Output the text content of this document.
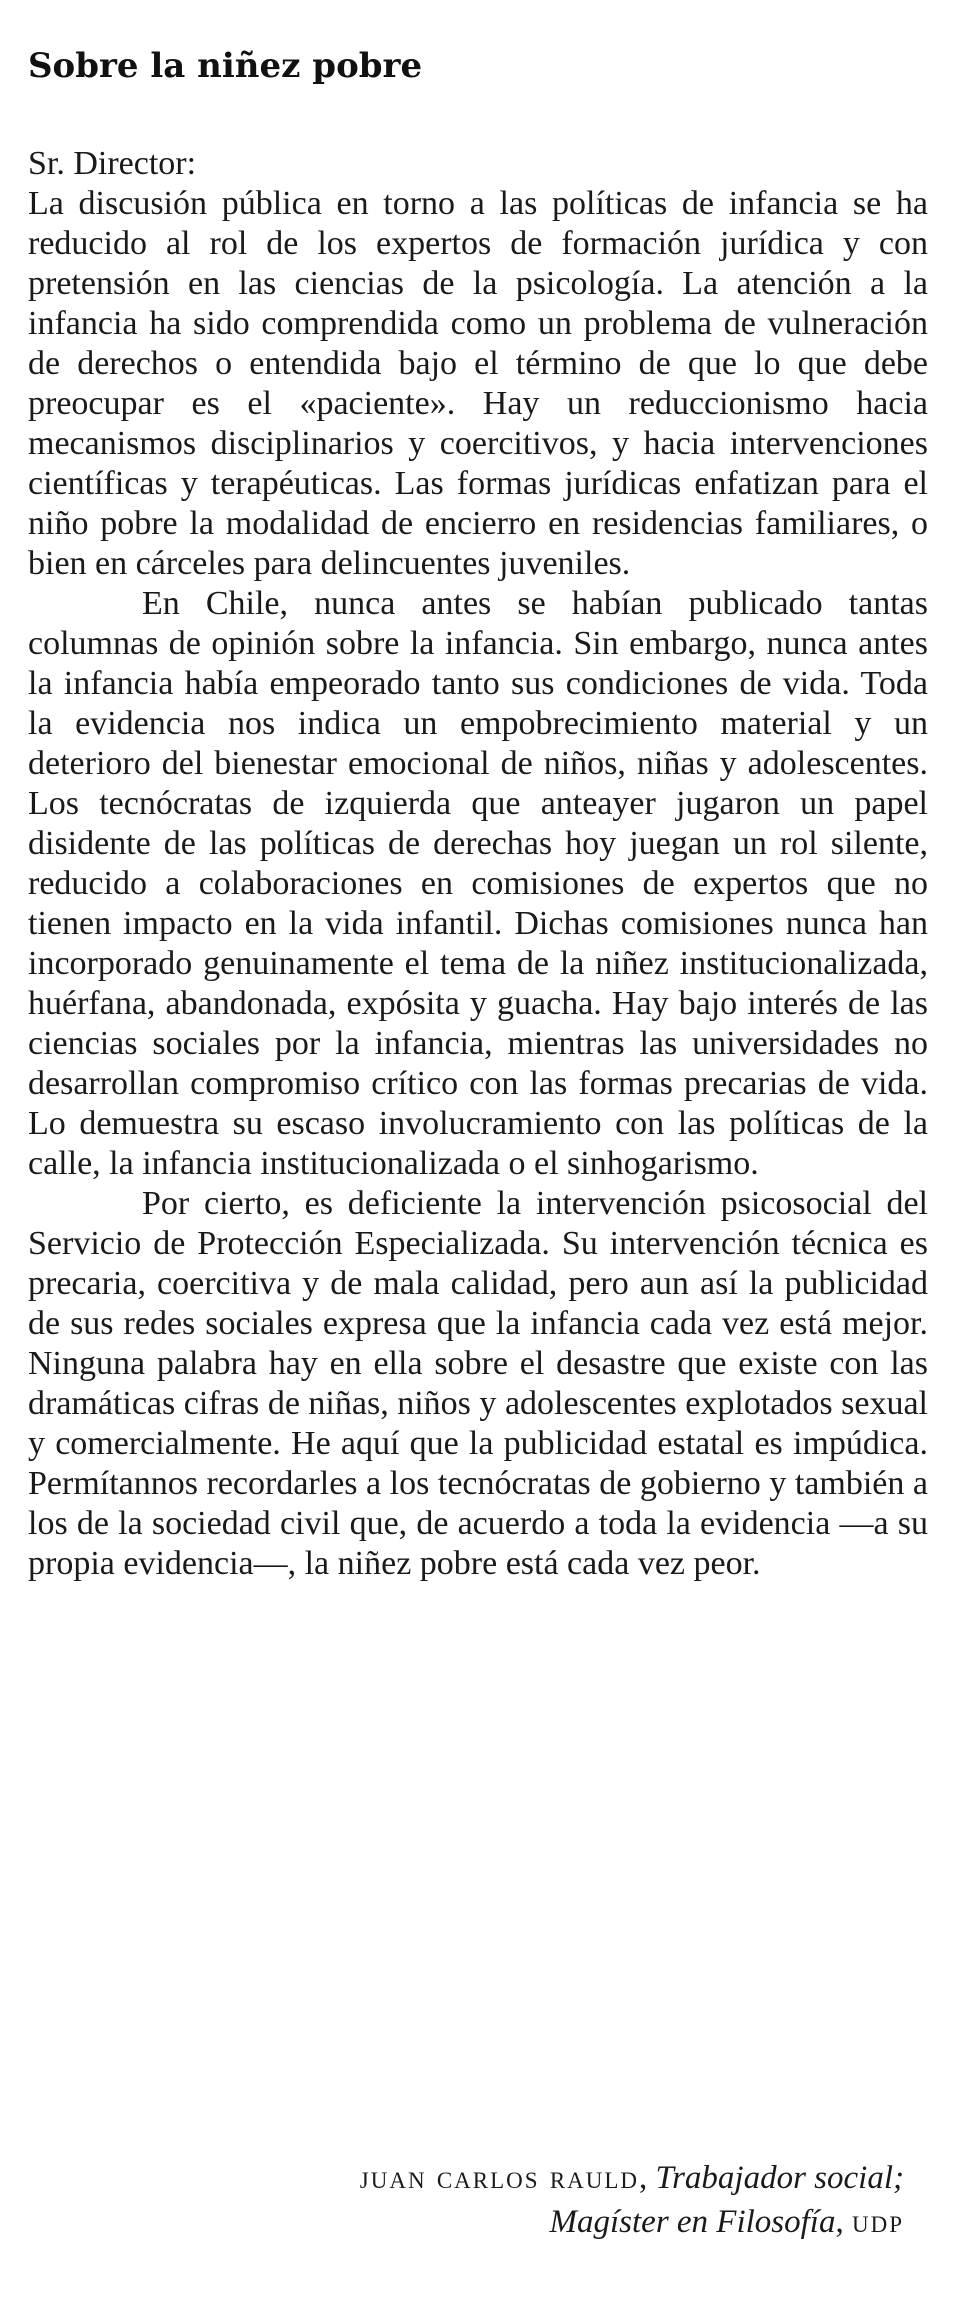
Sobre la niñez pobre

Sr. Director:

La discusión pública en torno a las políticas de infancia se ha reducido al rol de los expertos de formación jurídica y con pretensión en las ciencias de la psicología. La atención a la infancia ha sido comprendida como un problema de vulneración de derechos o entendida bajo el término de que lo que debe preocupar es el «paciente». Hay un reduccionismo hacia mecanismos disciplinarios y coercitivos, y hacia intervenciones científicas y terapéuticas. Las formas jurídicas enfatizan para el niño pobre la modalidad de encierro en residencias familiares, o bien en cárceles para delincuentes juveniles.

En Chile, nunca antes se habían publicado tantas columnas de opinión sobre la infancia. Sin embargo, nunca antes la infancia había empeorado tanto sus condiciones de vida. Toda la evidencia nos indica un empobrecimiento material y un deterioro del bienestar emocional de niños, niñas y adolescentes. Los tecnócratas de izquierda que anteayer jugaron un papel disidente de las políticas de derechas hoy juegan un rol silente, reducido a colaboraciones en comisiones de expertos que no tienen impacto en la vida infantil. Dichas comisiones nunca han incorporado genuinamente el tema de la niñez institucionalizada, huérfana, abandonada, expósita y guacha. Hay bajo interés de las ciencias sociales por la infancia, mientras las universidades no desarrollan compromiso crítico con las formas precarias de vida. Lo demuestra su escaso involucramiento con las políticas de la calle, la infancia institucionalizada o el sinhogarismo.

Por cierto, es deficiente la intervención psicosocial del Servicio de Protección Especializada. Su intervención técnica es precaria, coercitiva y de mala calidad, pero aun así la publicidad de sus redes sociales expresa que la infancia cada vez está mejor. Ninguna palabra hay en ella sobre el desastre que existe con las dramáticas cifras de niñas, niños y adolescentes explotados sexual y comercialmente. He aquí que la publicidad estatal es impúdica. Permítannos recordarles a los tecnócratas de gobierno y también a los de la sociedad civil que, de acuerdo a toda la evidencia —a su propia evidencia—, la niñez pobre está cada vez peor.

juan carlos rauld, Trabajador social;
Magíster en Filosofía, udp
